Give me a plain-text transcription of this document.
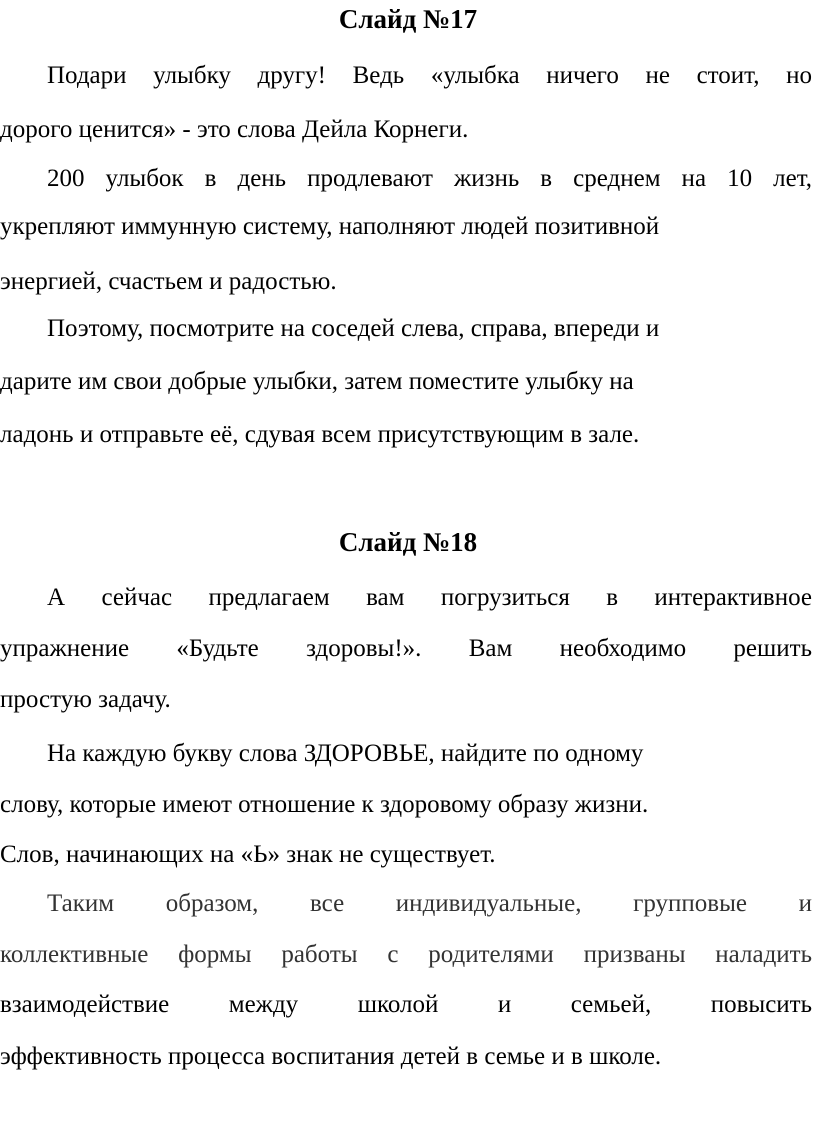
Слайд №17

Подари улыбку другу! Ведь «улыбка ничего не стоит, но

дорого ценится» - это слова Дейла Корнеги.

200 улыбок в день продлевают жизнь в среднем на 10 лет,

укрепляют иммунную систему, наполняют людей позитивной

энергией, счастьем и радостью.

Поэтому, посмотрите на соседей слева, справа, впереди и

дарите им свои добрые улыбки, затем поместите улыбку на

ладонь и отправьте её, сдувая всем присутствующим в зале.

Слайд №18

А сейчас предлагаем вам погрузиться в интерактивное

упражнение «Будьте здоровы!». Вам необходимо решить

простую задачу.

На каждую букву слова ЗДОРОВЬЕ, найдите по одному

слову, которые имеют отношение к здоровому образу жизни.

Слов, начинающих на «Ь» знак не существует.

Таким образом, все индивидуальные, групповые и

коллективные формы работы с родителями призваны наладить

взаимодействие между школой и семьей, повысить

эффективность процесса воспитания детей в семье и в школе.
